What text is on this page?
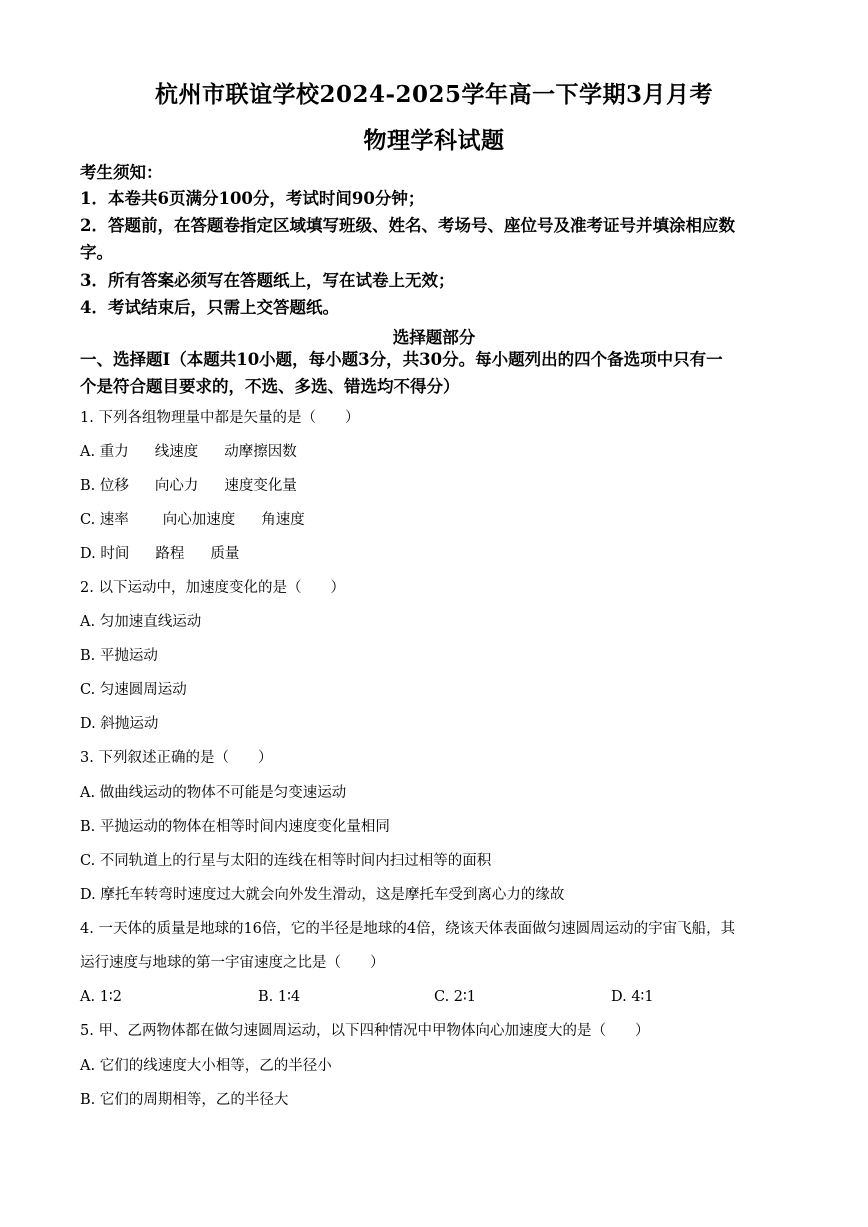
杭州市联谊学校2024-2025学年高一下学期3月月考
物理学科试题
考生须知：
1．本卷共6页满分100分，考试时间90分钟；
2．答题前，在答题卷指定区域填写班级、姓名、考场号、座位号及准考证号并填涂相应数
字。
3．所有答案必须写在答题纸上，写在试卷上无效；
4．考试结束后，只需上交答题纸。
选择题部分
一、选择题Ⅰ（本题共10小题，每小题3分，共30分。每小题列出的四个备选项中只有一
个是符合题目要求的，不选、多选、错选均不得分）
1. 下列各组物理量中都是矢量的是（　　）
A. 重力 线速度 动摩擦因数
B. 位移 向心力 速度变化量
C. 速率 向心加速度 角速度
D. 时间 路程 质量
2. 以下运动中，加速度变化的是（　　）
A. 匀加速直线运动
B. 平抛运动
C. 匀速圆周运动
D. 斜抛运动
3. 下列叙述正确的是（　　）
A. 做曲线运动的物体不可能是匀变速运动
B. 平抛运动的物体在相等时间内速度变化量相同
C. 不同轨道上的行星与太阳的连线在相等时间内扫过相等的面积
D. 摩托车转弯时速度过大就会向外发生滑动，这是摩托车受到离心力的缘故
4. 一天体的质量是地球的16倍，它的半径是地球的4倍，绕该天体表面做匀速圆周运动的宇宙飞船，其
运行速度与地球的第一宇宙速度之比是（　　）
A. 1∶2	B. 1∶4	C. 2∶1	D. 4∶1
5. 甲、乙两物体都在做匀速圆周运动，以下四种情况中甲物体向心加速度大的是（　　）
A. 它们的线速度大小相等，乙的半径小
B. 它们的周期相等，乙的半径大
